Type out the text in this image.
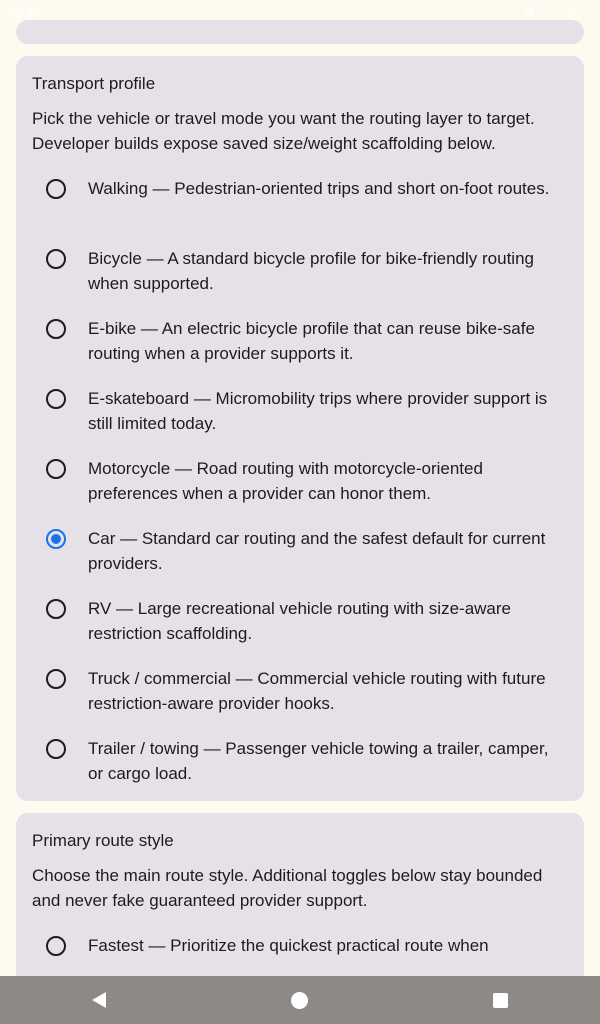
02:45	✱ ◠ ▯
Transport profile
Pick the vehicle or travel mode you want the routing layer to target. Developer builds expose saved size/weight scaffolding below.
Walking — Pedestrian-oriented trips and short on-foot routes.
Bicycle — A standard bicycle profile for bike-friendly routing when supported.
E-bike — An electric bicycle profile that can reuse bike-safe routing when a provider supports it.
E-skateboard — Micromobility trips where provider support is still limited today.
Motorcycle — Road routing with motorcycle-oriented preferences when a provider can honor them.
Car — Standard car routing and the safest default for current providers.
RV — Large recreational vehicle routing with size-aware restriction scaffolding.
Truck / commercial — Commercial vehicle routing with future restriction-aware provider hooks.
Trailer / towing — Passenger vehicle towing a trailer, camper, or cargo load.
Primary route style
Choose the main route style. Additional toggles below stay bounded and never fake guaranteed provider support.
Fastest — Prioritize the quickest practical route when
